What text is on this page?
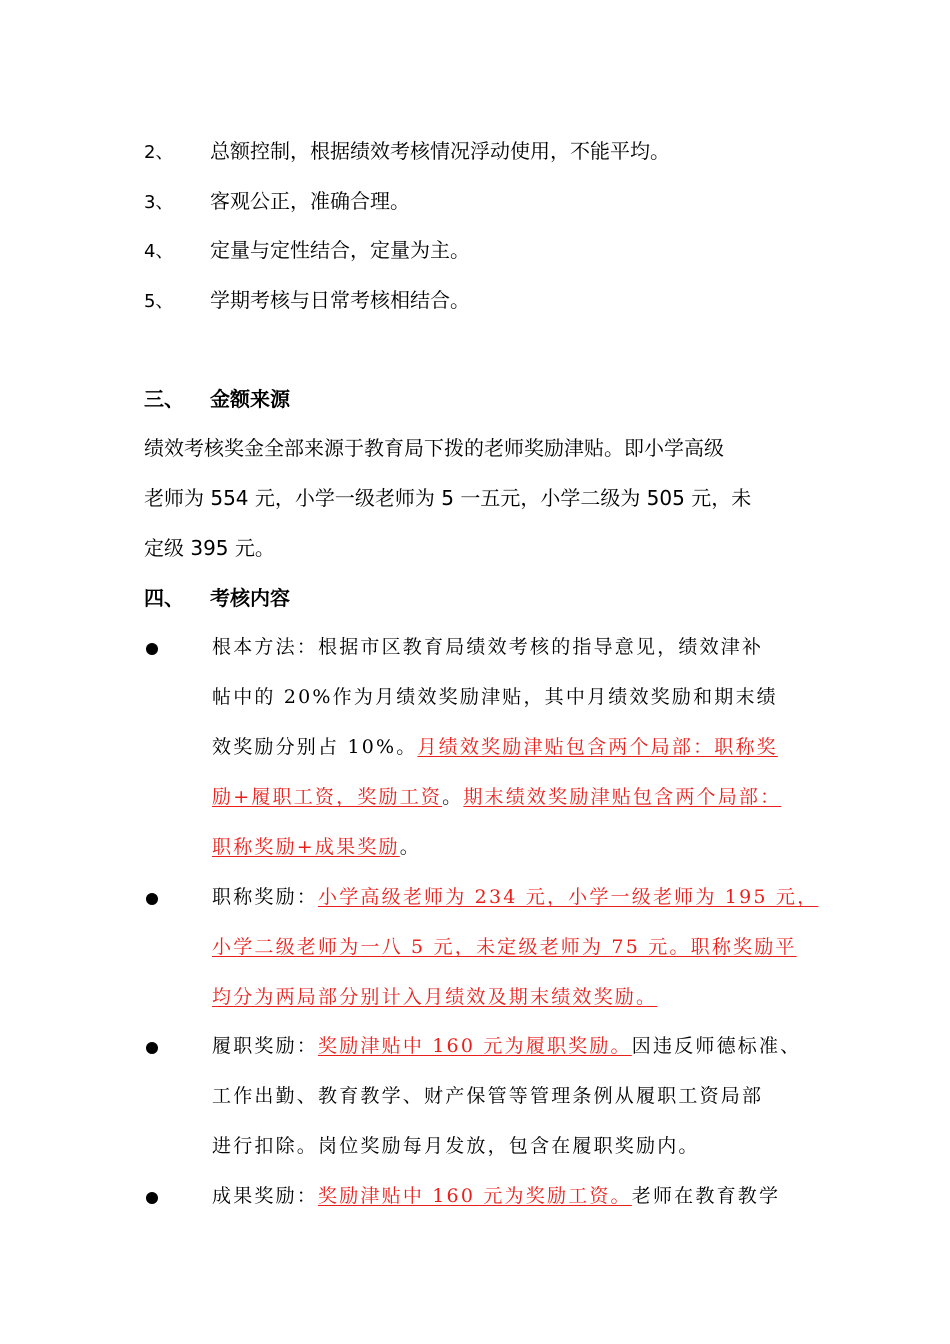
2、 总额控制，根据绩效考核情况浮动使用，不能平均。
3、 客观公正，准确合理。
4、 定量与定性结合，定量为主。
5、 学期考核与日常考核相结合。
三、 金额来源
绩效考核奖金全部来源于教育局下拨的老师奖励津贴。即小学高级
老师为 554 元，小学一级老师为 5 一五元，小学二级为 505 元，未
定级 395 元。
四、 考核内容
根本方法：根据市区教育局绩效考核的指导意见，绩效津补
帖中的 20%作为月绩效奖励津贴，其中月绩效奖励和期末绩
效奖励分别占 10%。月绩效奖励津贴包含两个局部：职称奖
励+履职工资，奖励工资。期末绩效奖励津贴包含两个局部：
职称奖励+成果奖励。
职称奖励：小学高级老师为 234 元，小学一级老师为 195 元，
小学二级老师为一八 5 元，未定级老师为 75 元。职称奖励平
均分为两局部分别计入月绩效及期末绩效奖励。
履职奖励：奖励津贴中 160 元为履职奖励。因违反师德标准、
工作出勤、教育教学、财产保管等管理条例从履职工资局部
进行扣除。岗位奖励每月发放，包含在履职奖励内。
成果奖励：奖励津贴中 160 元为奖励工资。老师在教育教学
